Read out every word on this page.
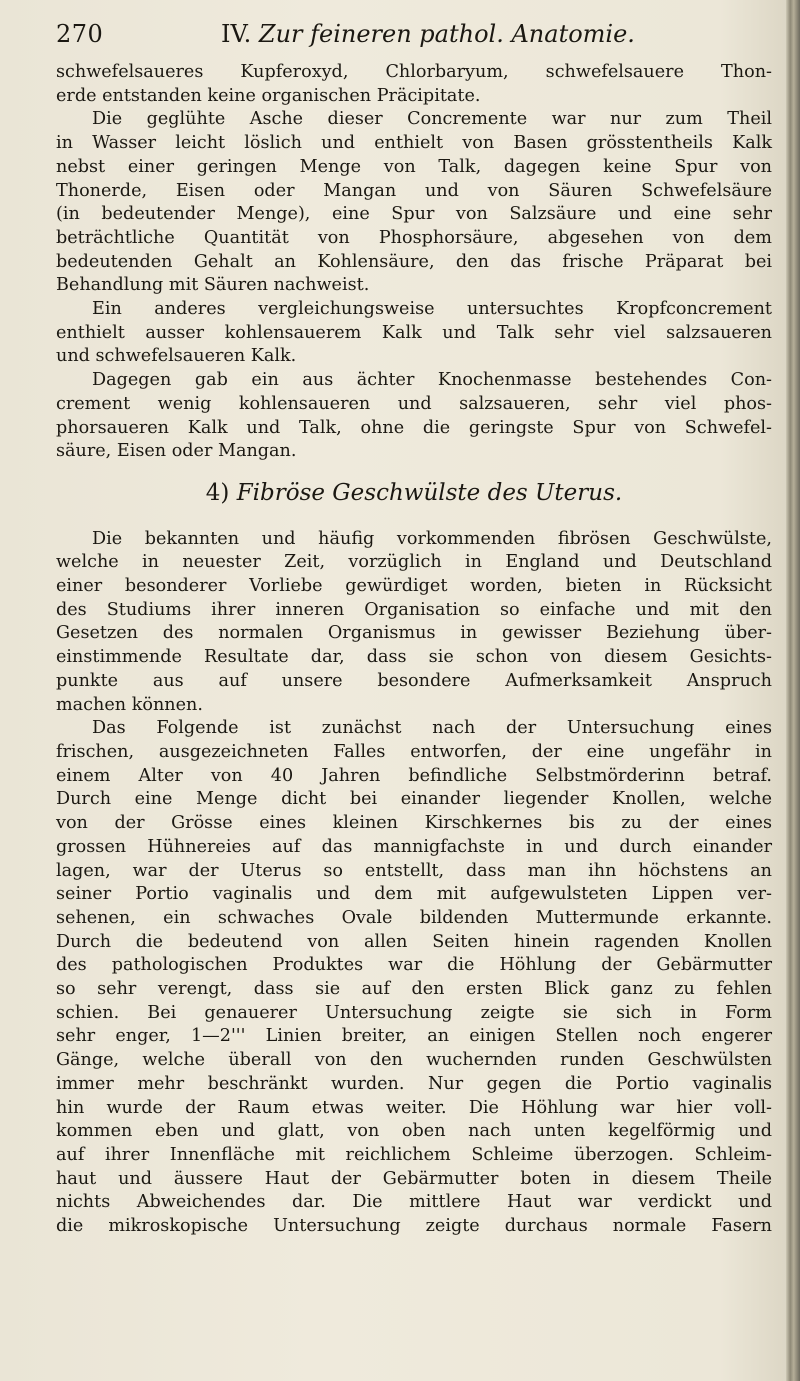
270	IV. Zur feineren pathol. Anatomie.
schwefelsaueres Kupferoxyd, Chlorbaryum, schwefelsauere Thon-
erde entstanden keine organischen Präcipitate.
Die geglühte Asche dieser Concremente war nur zum Theil
in Wasser leicht löslich und enthielt von Basen grösstentheils Kalk
nebst einer geringen Menge von Talk, dagegen keine Spur von
Thonerde, Eisen oder Mangan und von Säuren Schwefelsäure
(in bedeutender Menge), eine Spur von Salzsäure und eine sehr
beträchtliche Quantität von Phosphorsäure, abgesehen von dem
bedeutenden Gehalt an Kohlensäure, den das frische Präparat bei
Behandlung mit Säuren nachweist.
Ein anderes vergleichungsweise untersuchtes Kropfconcrement
enthielt ausser kohlensauerem Kalk und Talk sehr viel salzsaueren
und schwefelsaueren Kalk.
Dagegen gab ein aus ächter Knochenmasse bestehendes Con-
crement wenig kohlensaueren und salzsaueren, sehr viel phos-
phorsaueren Kalk und Talk, ohne die geringste Spur von Schwefel-
säure, Eisen oder Mangan.
4) Fibröse Geschwülste des Uterus.
Die bekannten und häufig vorkommenden fibrösen Geschwülste,
welche in neuester Zeit, vorzüglich in England und Deutschland
einer besonderer Vorliebe gewürdiget worden, bieten in Rücksicht
des Studiums ihrer inneren Organisation so einfache und mit den
Gesetzen des normalen Organismus in gewisser Beziehung über-
einstimmende Resultate dar, dass sie schon von diesem Gesichts-
punkte aus auf unsere besondere Aufmerksamkeit Anspruch
machen können.
Das Folgende ist zunächst nach der Untersuchung eines
frischen, ausgezeichneten Falles entworfen, der eine ungefähr in
einem Alter von 40 Jahren befindliche Selbstmörderinn betraf.
Durch eine Menge dicht bei einander liegender Knollen, welche
von der Grösse eines kleinen Kirschkernes bis zu der eines
grossen Hühnereies auf das mannigfachste in und durch einander
lagen, war der Uterus so entstellt, dass man ihn höchstens an
seiner Portio vaginalis und dem mit aufgewulsteten Lippen ver-
sehenen, ein schwaches Ovale bildenden Muttermunde erkannte.
Durch die bedeutend von allen Seiten hinein ragenden Knollen
des pathologischen Produktes war die Höhlung der Gebärmutter
so sehr verengt, dass sie auf den ersten Blick ganz zu fehlen
schien. Bei genauerer Untersuchung zeigte sie sich in Form
sehr enger, 1—2''' Linien breiter, an einigen Stellen noch engerer
Gänge, welche überall von den wuchernden runden Geschwülsten
immer mehr beschränkt wurden. Nur gegen die Portio vaginalis
hin wurde der Raum etwas weiter. Die Höhlung war hier voll-
kommen eben und glatt, von oben nach unten kegelförmig und
auf ihrer Innenfläche mit reichlichem Schleime überzogen. Schleim-
haut und äussere Haut der Gebärmutter boten in diesem Theile
nichts Abweichendes dar. Die mittlere Haut war verdickt und
die mikroskopische Untersuchung zeigte durchaus normale Fasern
